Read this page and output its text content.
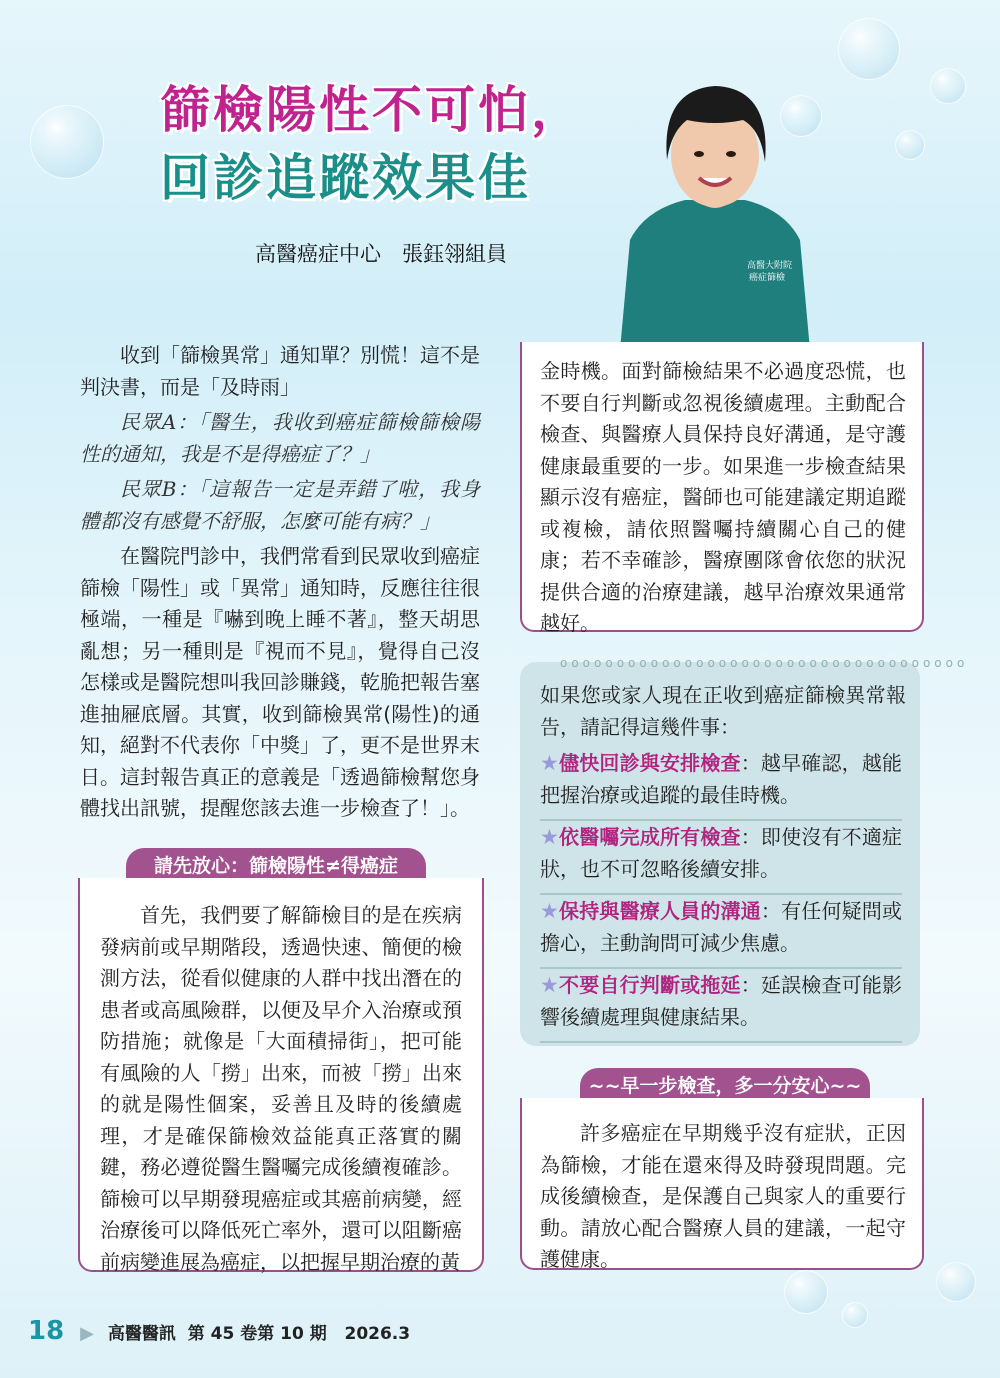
篩檢陽性不可怕，
回診追蹤效果佳
高醫癌症中心　張鈺翎組員	高醫大附院
癌症篩檢

收到「篩檢異常」通知單？別慌！這不是判決書，而是「及時雨」

民眾A：「醫生，我收到癌症篩檢篩檢陽性的通知，我是不是得癌症了？」

民眾B：「這報告一定是弄錯了啦，我身體都沒有感覺不舒服，怎麼可能有病？」

在醫院門診中，我們常看到民眾收到癌症篩檢「陽性」或「異常」通知時，反應往往很極端，一種是『嚇到晚上睡不著』，整天胡思亂想；另一種則是『視而不見』，覺得自己沒怎樣或是醫院想叫我回診賺錢，乾脆把報告塞進抽屜底層。其實，收到篩檢異常(陽性)的通知，絕對不代表你「中獎」了，更不是世界末日。這封報告真正的意義是「透過篩檢幫您身體找出訊號，提醒您該去進一步檢查了！」。

請先放心：篩檢陽性≠得癌症

首先，我們要了解篩檢目的是在疾病發病前或早期階段，透過快速、簡便的檢測方法，從看似健康的人群中找出潛在的患者或高風險群，以便及早介入治療或預防措施；就像是「大面積掃街」，把可能有風險的人「撈」出來，而被「撈」出來的就是陽性個案，妥善且及時的後續處理，才是確保篩檢效益能真正落實的關鍵，務必遵從醫生醫囑完成後續複確診。篩檢可以早期發現癌症或其癌前病變，經治療後可以降低死亡率外，還可以阻斷癌前病變進展為癌症，以把握早期治療的黃

金時機。面對篩檢結果不必過度恐慌，也不要自行判斷或忽視後續處理。主動配合檢查、與醫療人員保持良好溝通，是守護健康最重要的一步。如果進一步檢查結果顯示沒有癌症，醫師也可能建議定期追蹤或複檢，請依照醫囑持續關心自己的健康；若不幸確診，醫療團隊會依您的狀況提供合適的治療建議，越早治療效果通常越好。

oooooooooooooooooooooooooooooooooooo

如果您或家人現在正收到癌症篩檢異常報告，請記得這幾件事：

★儘快回診與安排檢查：越早確認，越能把握治療或追蹤的最佳時機。

★依醫囑完成所有檢查：即使沒有不適症狀，也不可忽略後續安排。

★保持與醫療人員的溝通：有任何疑問或擔心，主動詢問可減少焦慮。

★不要自行判斷或拖延：延誤檢查可能影響後續處理與健康結果。

~~早一步檢查，多一分安心~~

許多癌症在早期幾乎沒有症狀，正因為篩檢，才能在還來得及時發現問題。完成後續檢查，是保護自己與家人的重要行動。請放心配合醫療人員的建議，一起守護健康。

18 ▶ 高醫醫訊 第 45 卷第 10 期 2026.3
